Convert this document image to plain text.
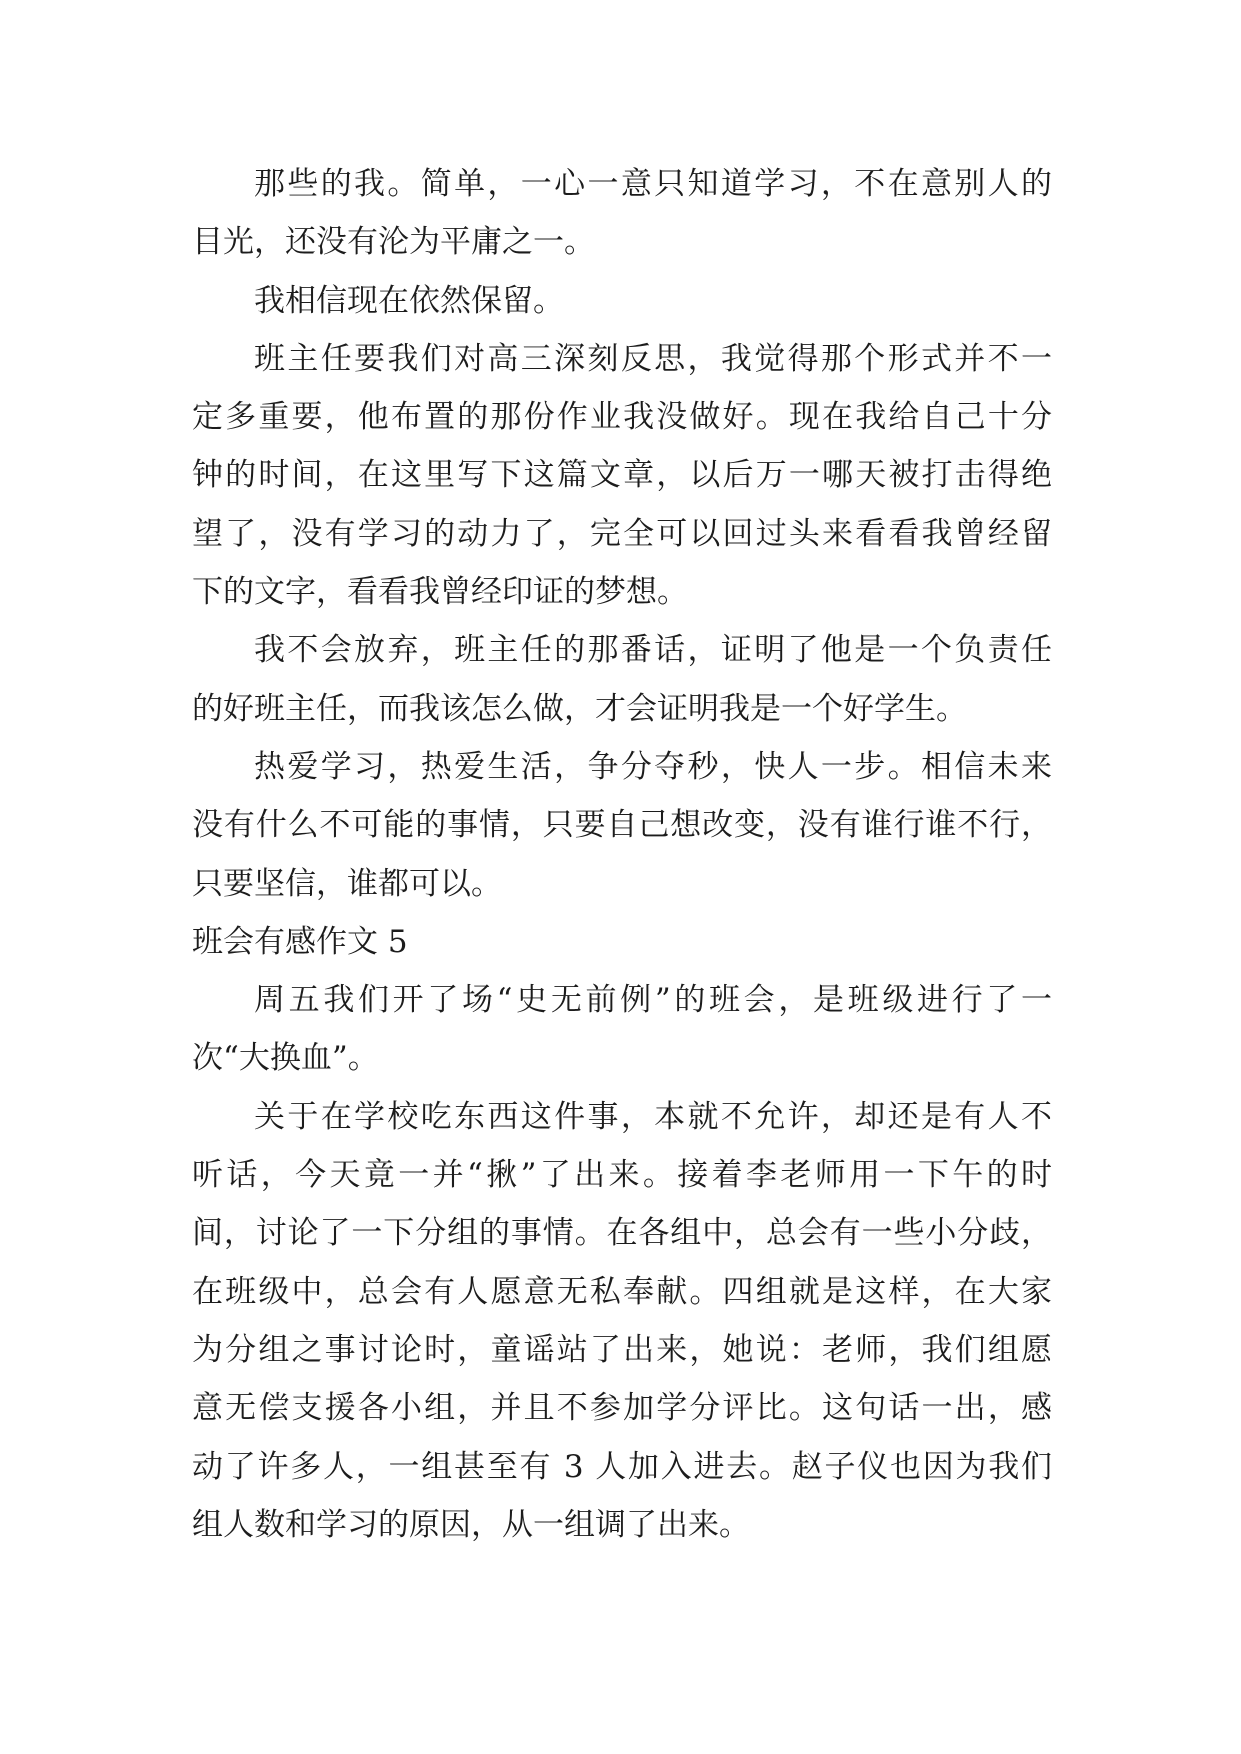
那些的我。简单，一心一意只知道学习，不在意别人的
目光，还没有沦为平庸之一。
我相信现在依然保留。
班主任要我们对高三深刻反思，我觉得那个形式并不一
定多重要，他布置的那份作业我没做好。现在我给自己十分
钟的时间，在这里写下这篇文章，以后万一哪天被打击得绝
望了，没有学习的动力了，完全可以回过头来看看我曾经留
下的文字，看看我曾经印证的梦想。
我不会放弃，班主任的那番话，证明了他是一个负责任
的好班主任，而我该怎么做，才会证明我是一个好学生。
热爱学习，热爱生活，争分夺秒，快人一步。相信未来
没有什么不可能的事情，只要自己想改变，没有谁行谁不行，
只要坚信，谁都可以。
班会有感作文 5
周五我们开了场“史无前例”的班会，是班级进行了一
次“大换血”。
关于在学校吃东西这件事，本就不允许，却还是有人不
听话，今天竟一并“揪”了出来。接着李老师用一下午的时
间，讨论了一下分组的事情。在各组中，总会有一些小分歧，
在班级中，总会有人愿意无私奉献。四组就是这样，在大家
为分组之事讨论时，童谣站了出来，她说：老师，我们组愿
意无偿支援各小组，并且不参加学分评比。这句话一出，感
动了许多人，一组甚至有 3 人加入进去。赵子仪也因为我们
组人数和学习的原因，从一组调了出来。
